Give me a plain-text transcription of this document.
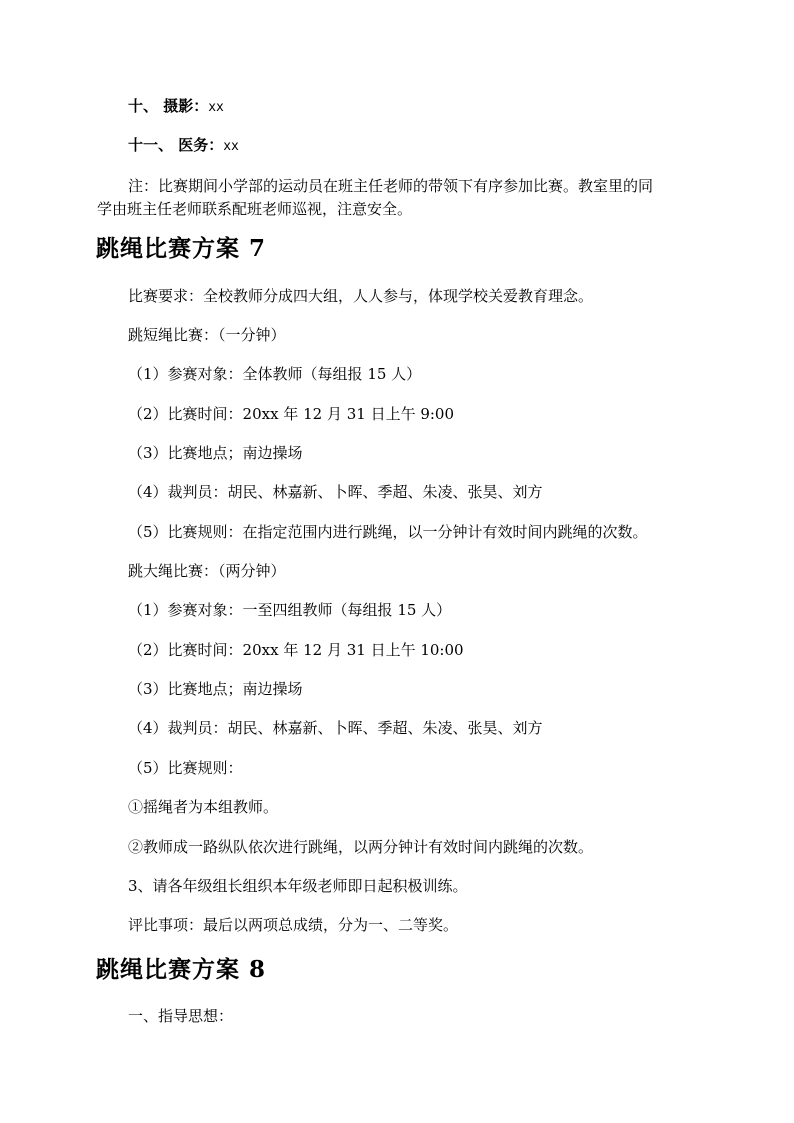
十、 摄影：xx
十一、 医务：xx
注：比赛期间小学部的运动员在班主任老师的带领下有序参加比赛。教室里的同
学由班主任老师联系配班老师巡视，注意安全。
跳绳比赛方案 7
比赛要求：全校教师分成四大组，人人参与，体现学校关爱教育理念。
跳短绳比赛：（一分钟）
（1）参赛对象：全体教师（每组报 15 人）
（2）比赛时间：20xx 年 12 月 31 日上午 9:00
（3）比赛地点；南边操场
（4）裁判员：胡民、林嘉新、卜晖、季超、朱凌、张昊、刘方
（5）比赛规则：在指定范围内进行跳绳，以一分钟计有效时间内跳绳的次数。
跳大绳比赛：（两分钟）
（1）参赛对象：一至四组教师（每组报 15 人）
（2）比赛时间：20xx 年 12 月 31 日上午 10:00
（3）比赛地点；南边操场
（4）裁判员：胡民、林嘉新、卜晖、季超、朱凌、张昊、刘方
（5）比赛规则：
①摇绳者为本组教师。
②教师成一路纵队依次进行跳绳，以两分钟计有效时间内跳绳的次数。
3、请各年级组长组织本年级老师即日起积极训练。
评比事项：最后以两项总成绩，分为一、二等奖。
跳绳比赛方案 8
一、指导思想：
